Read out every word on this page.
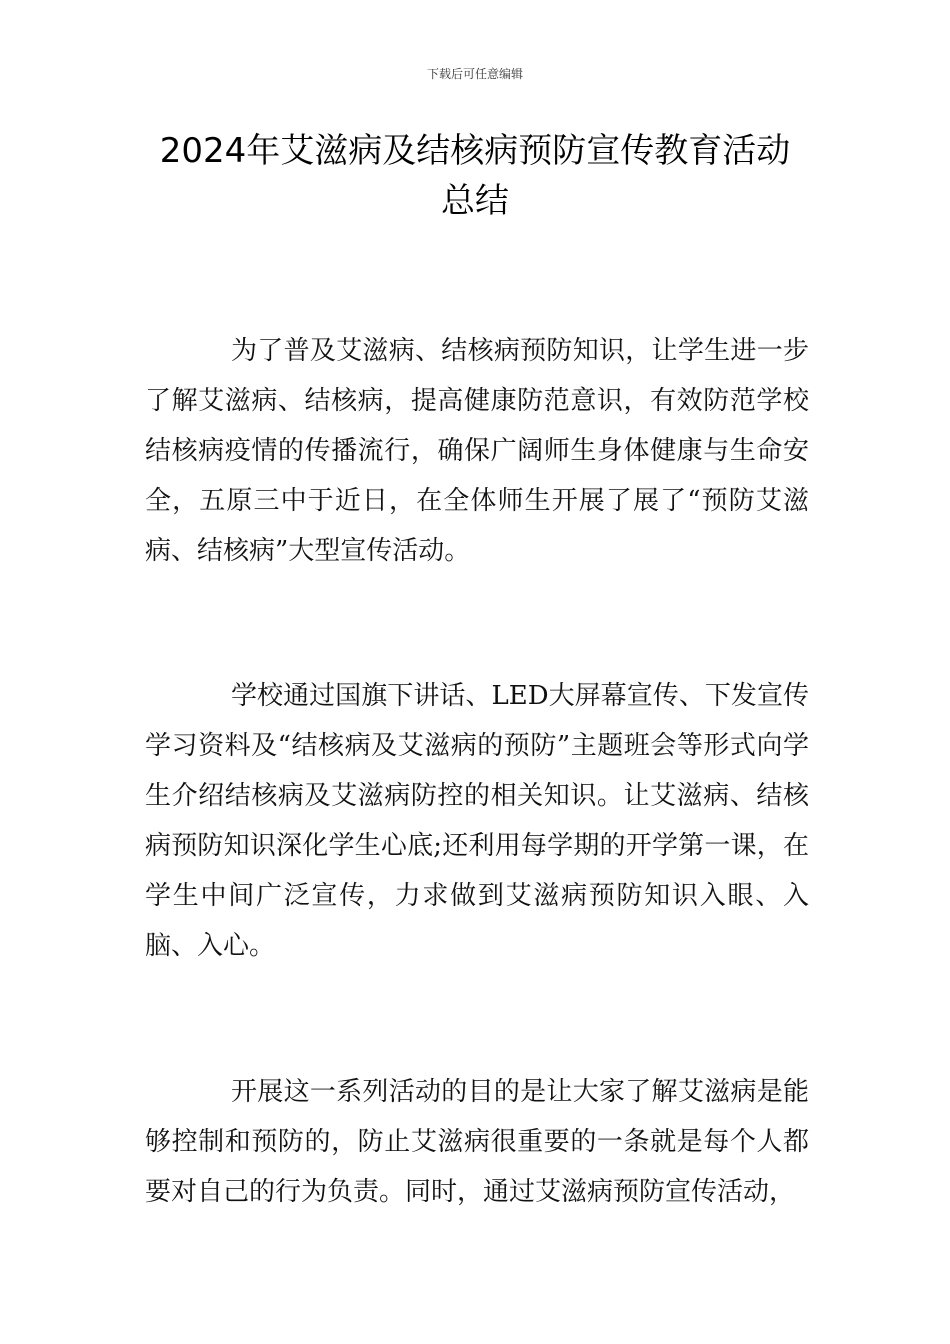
下载后可任意编辑
2024年艾滋病及结核病预防宣传教育活动
总结

为了普及艾滋病、结核病预防知识，让学生进一步了解艾滋病、结核病，提高健康防范意识，有效防范学校结核病疫情的传播流行，确保广阔师生身体健康与生命安全，五原三中于近日，在全体师生开展了展了“预防艾滋病、结核病”大型宣传活动。

学校通过国旗下讲话、LED大屏幕宣传、下发宣传学习资料及“结核病及艾滋病的预防”主题班会等形式向学生介绍结核病及艾滋病防控的相关知识。让艾滋病、结核病预防知识深化学生心底;还利用每学期的开学第一课，在学生中间广泛宣传，力求做到艾滋病预防知识入眼、入脑、入心。

开展这一系列活动的目的是让大家了解艾滋病是能够控制和预防的，防止艾滋病很重要的一条就是每个人都要对自己的行为负责。同时，通过艾滋病预防宣传活动，
